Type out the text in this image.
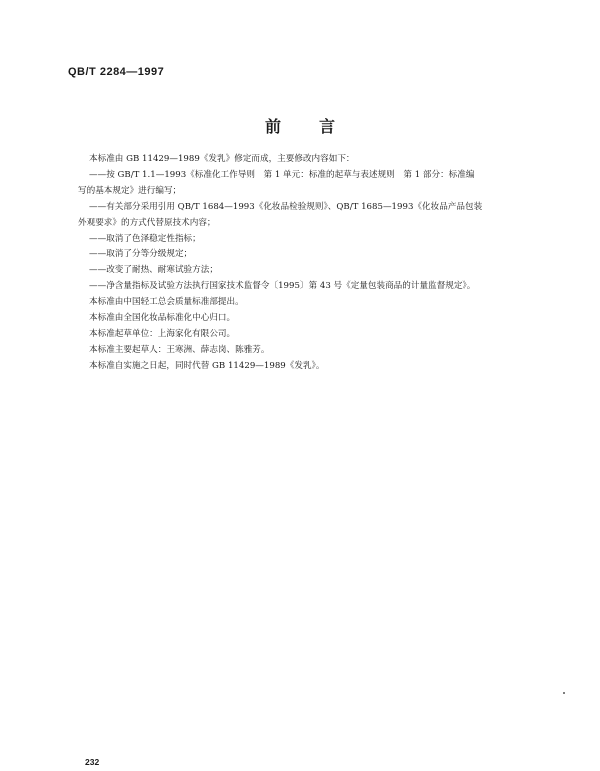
QB/T 2284—1997
前 言
本标准由 GB 11429—1989《发乳》修定而成，主要修改内容如下：
——按 GB/T 1.1—1993《标准化工作导则　第 1 单元：标准的起草与表述规则　第 1 部分：标准编
写的基本规定》进行编写；
——有关部分采用引用 QB/T 1684—1993《化妆品检验规则》、QB/T 1685—1993《化妆品产品包装
外观要求》的方式代替原技术内容；
——取消了色泽稳定性指标；
——取消了分等分级规定；
——改变了耐热、耐寒试验方法；
——净含量指标及试验方法执行国家技术监督令〔1995〕第 43 号《定量包装商品的计量监督规定》。
本标准由中国轻工总会质量标准部提出。
本标准由全国化妆品标准化中心归口。
本标准起草单位：上海家化有限公司。
本标准主要起草人：王寒洲、薛志岗、陈雅芳。
本标准自实施之日起，同时代替 GB 11429—1989《发乳》。
232
